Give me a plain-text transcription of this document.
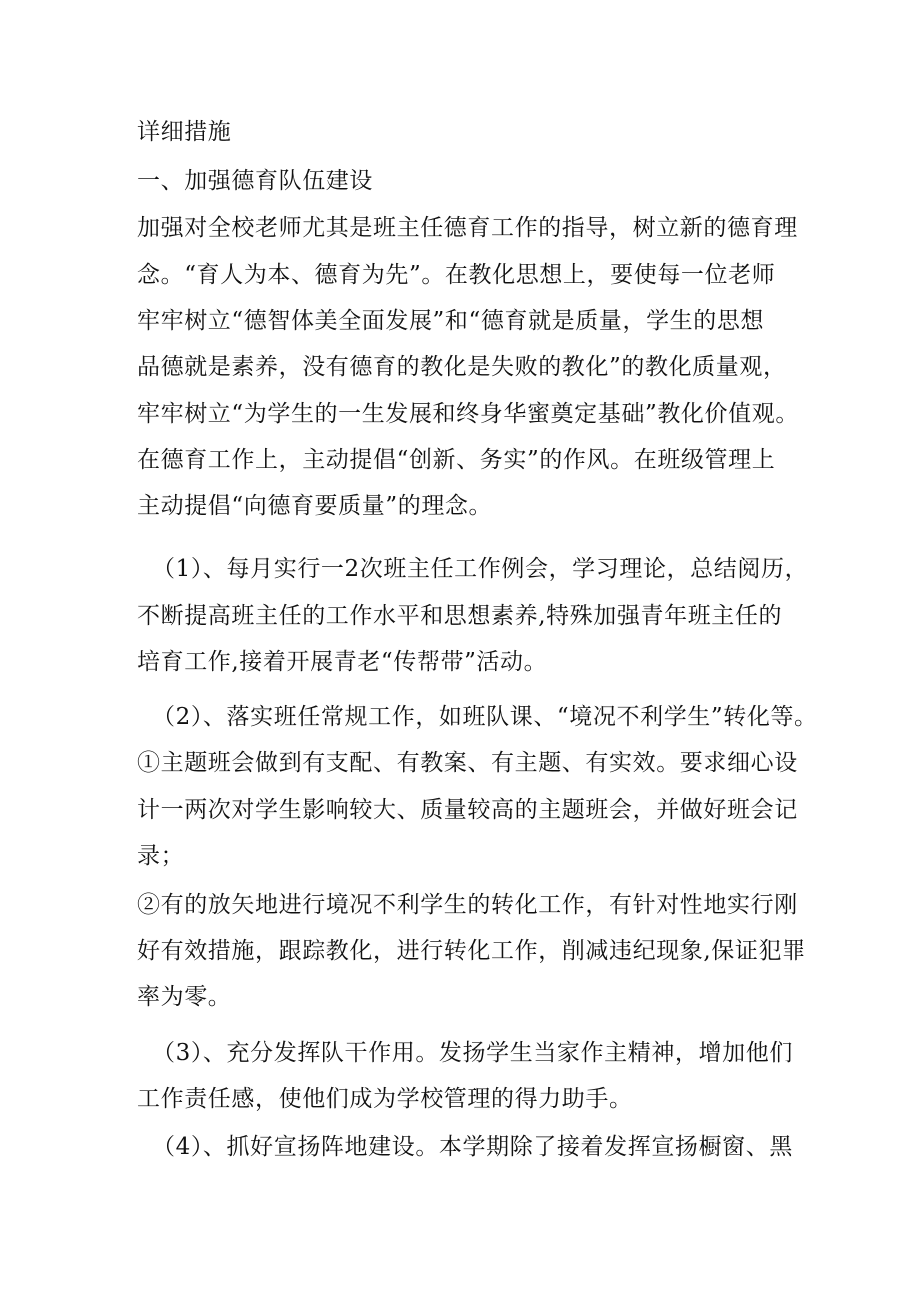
详细措施
一、加强德育队伍建设
加强对全校老师尤其是班主任德育工作的指导，树立新的德育理
念。“育人为本、德育为先”。在教化思想上，要使每一位老师
牢牢树立“德智体美全面发展”和“德育就是质量，学生的思想
品德就是素养，没有德育的教化是失败的教化”的教化质量观，
牢牢树立“为学生的一生发展和终身华蜜奠定基础”教化价值观。
在德育工作上，主动提倡“创新、务实”的作风。在班级管理上
主动提倡“向德育要质量”的理念。
（1）、每月实行一2次班主任工作例会，学习理论，总结阅历，
不断提高班主任的工作水平和思想素养,特殊加强青年班主任的
培育工作,接着开展青老“传帮带”活动。
（2）、落实班任常规工作，如班队课、“境况不利学生”转化等。
①主题班会做到有支配、有教案、有主题、有实效。要求细心设
计一两次对学生影响较大、质量较高的主题班会，并做好班会记
录；
②有的放矢地进行境况不利学生的转化工作，有针对性地实行刚
好有效措施，跟踪教化，进行转化工作，削减违纪现象,保证犯罪
率为零。
（3）、充分发挥队干作用。发扬学生当家作主精神，增加他们
工作责任感，使他们成为学校管理的得力助手。
（4）、抓好宣扬阵地建设。本学期除了接着发挥宣扬橱窗、黑
